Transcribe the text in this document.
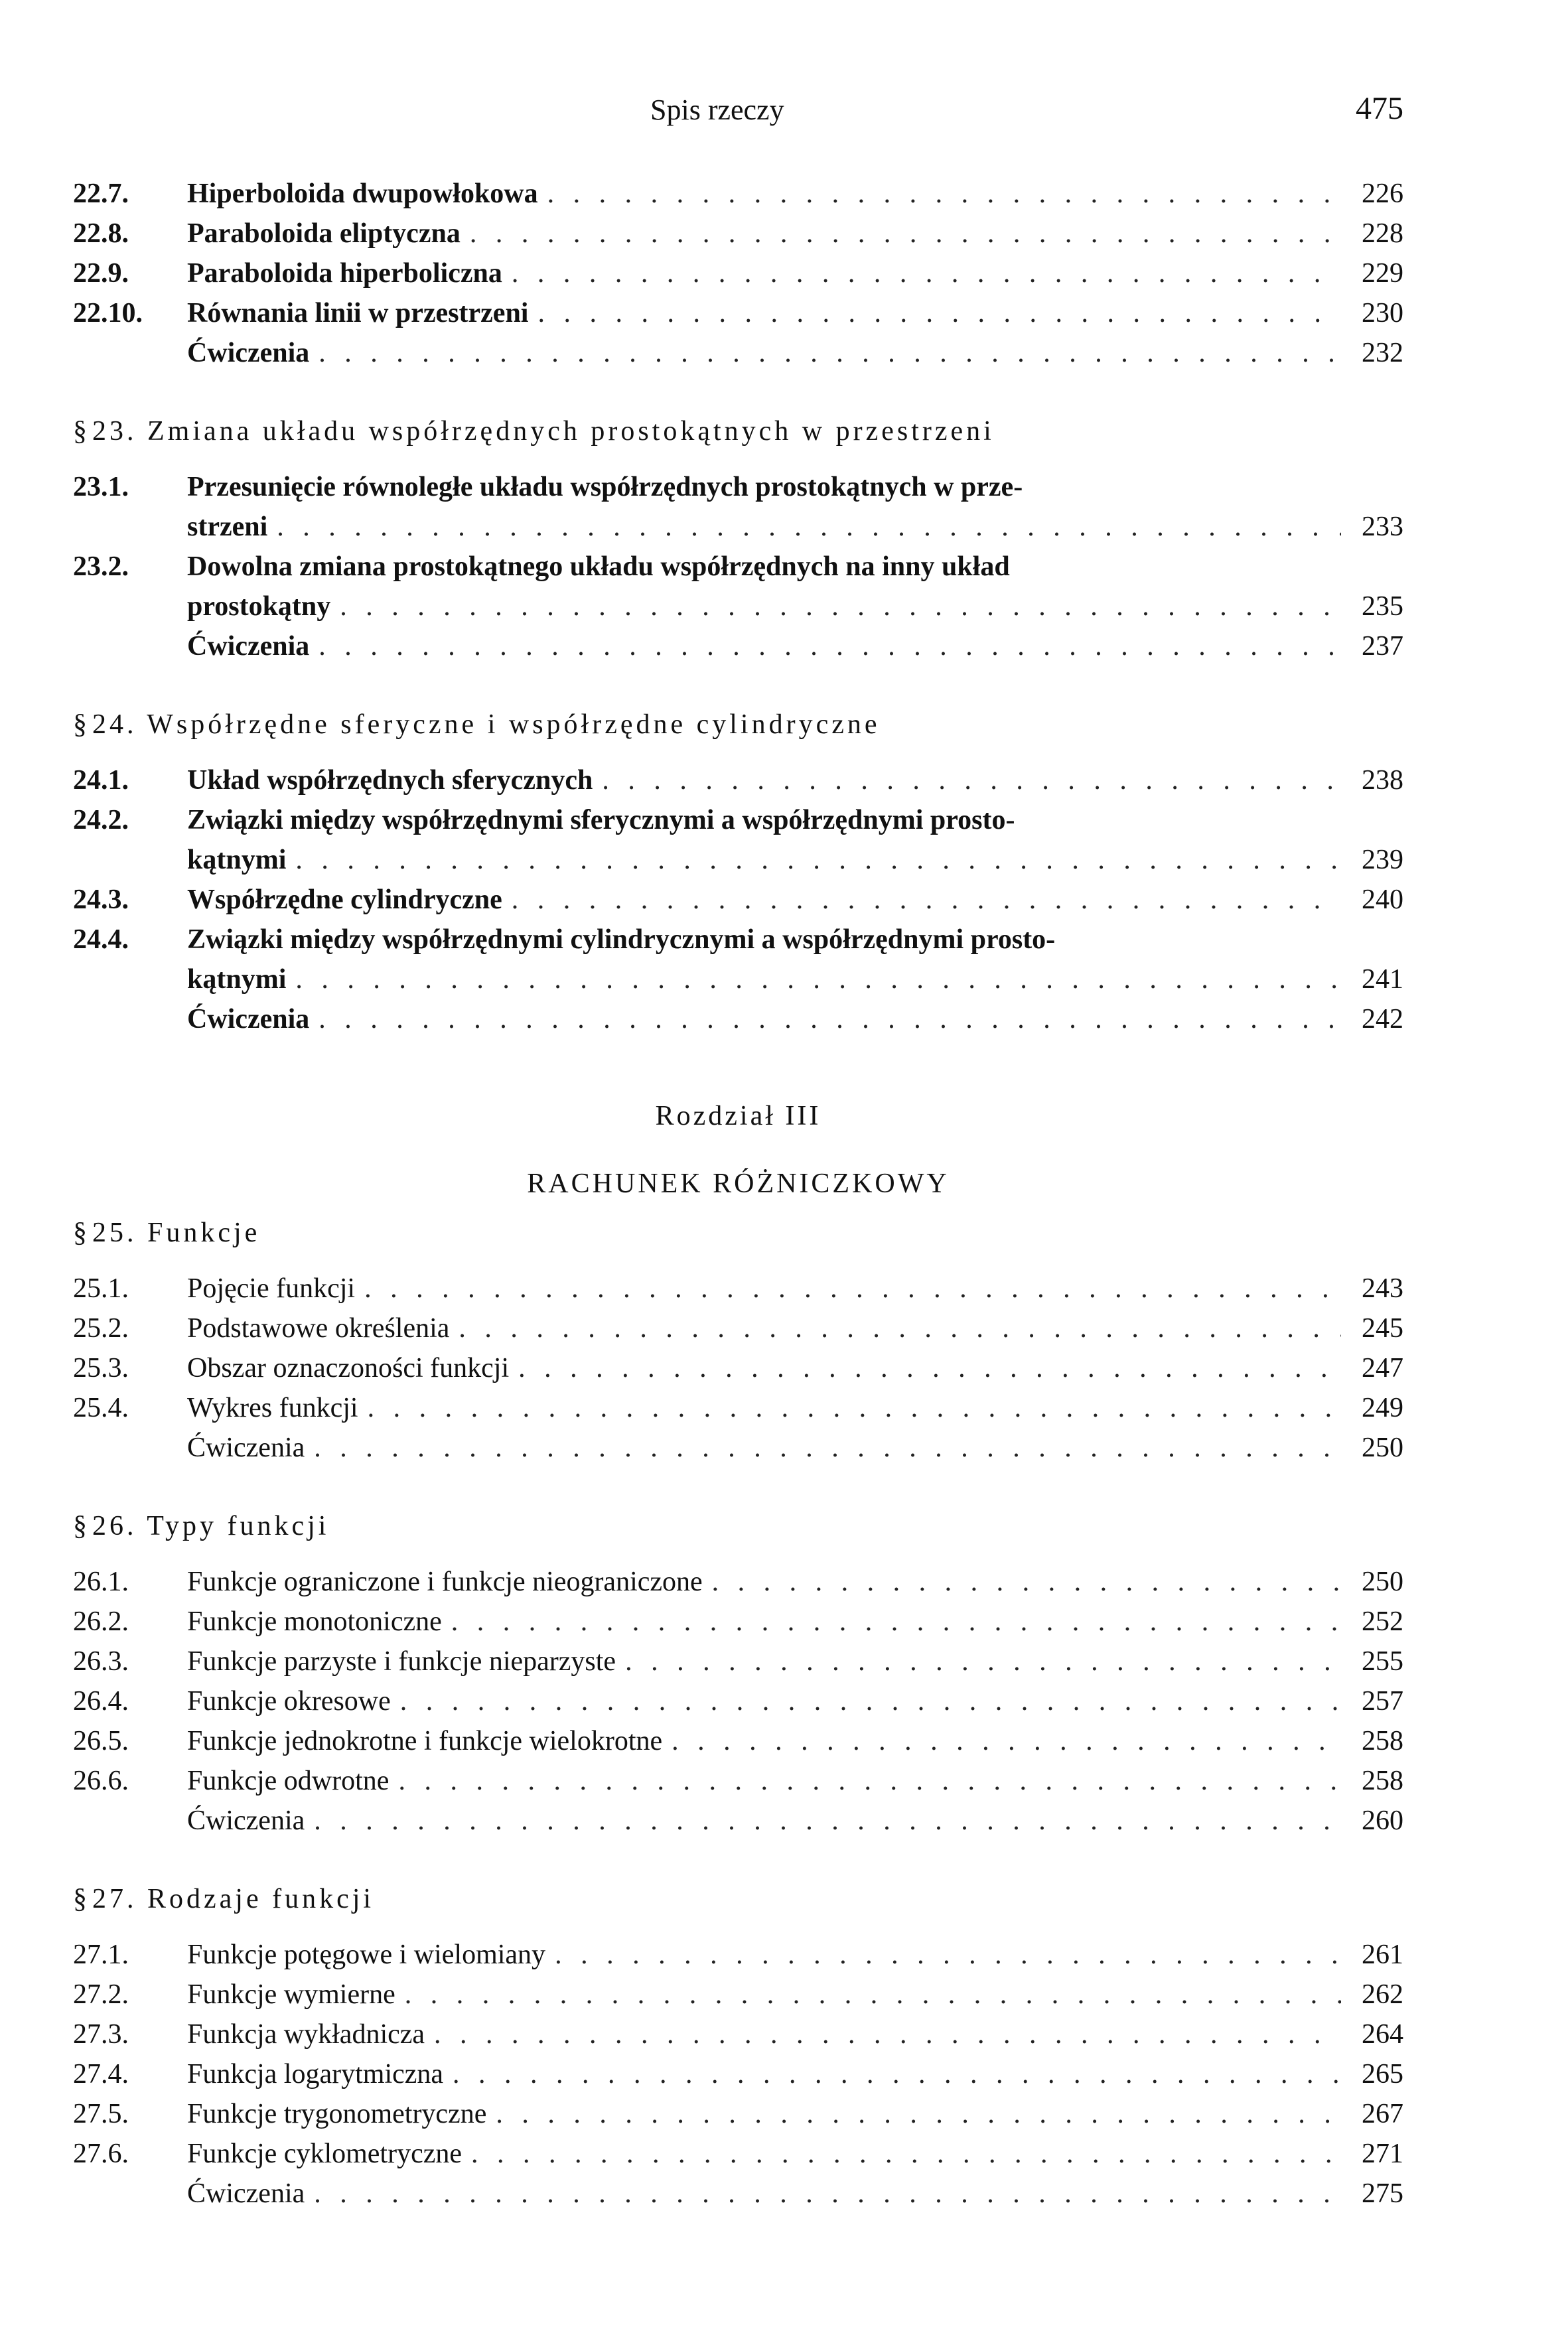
Spis rzeczy	475
22.7.	Hiperboloida dwupowłokowa . . .	226
22.8.	Paraboloida eliptyczna . . .	228
22.9.	Paraboloida hiperboliczna . . .	229
22.10.	Równania linii w przestrzeni . . .	230
Ćwiczenia . . .	232
§ 23. Zmiana układu współrzędnych prostokątnych w przestrzeni
23.1.	Przesunięcie równoległe układu współrzędnych prostokątnych w prze-
strzeni . . .	233
23.2.	Dowolna zmiana prostokątnego układu współrzędnych na inny układ
prostokątny . . .	235
Ćwiczenia . . .	237
§ 24. Współrzędne sferyczne i współrzędne cylindryczne
24.1.	Układ współrzędnych sferycznych . . .	238
24.2.	Związki między współrzędnymi sferycznymi a współrzędnymi prosto-
kątnymi . . .	239
24.3.	Współrzędne cylindryczne . . .	240
24.4.	Związki między współrzędnymi cylindrycznymi a współrzędnymi prosto-
kątnymi . . .	241
Ćwiczenia . . .	242
Rozdział III
RACHUNEK RÓŻNICZKOWY
§ 25. Funkcje
25.1.	Pojęcie funkcji . . .	243
25.2.	Podstawowe określenia . . .	245
25.3.	Obszar oznaczoności funkcji . . .	247
25.4.	Wykres funkcji . . .	249
Ćwiczenia . . .	250
§ 26. Typy funkcji
26.1.	Funkcje ograniczone i funkcje nieograniczone . . .	250
26.2.	Funkcje monotoniczne . . .	252
26.3.	Funkcje parzyste i funkcje nieparzyste . . .	255
26.4.	Funkcje okresowe . . .	257
26.5.	Funkcje jednokrotne i funkcje wielokrotne . . .	258
26.6.	Funkcje odwrotne . . .	258
Ćwiczenia . . .	260
§ 27. Rodzaje funkcji
27.1.	Funkcje potęgowe i wielomiany . . .	261
27.2.	Funkcje wymierne . . .	262
27.3.	Funkcja wykładnicza . . .	264
27.4.	Funkcja logarytmiczna . . .	265
27.5.	Funkcje trygonometryczne . . .	267
27.6.	Funkcje cyklometryczne . . .	271
Ćwiczenia . . .	275
